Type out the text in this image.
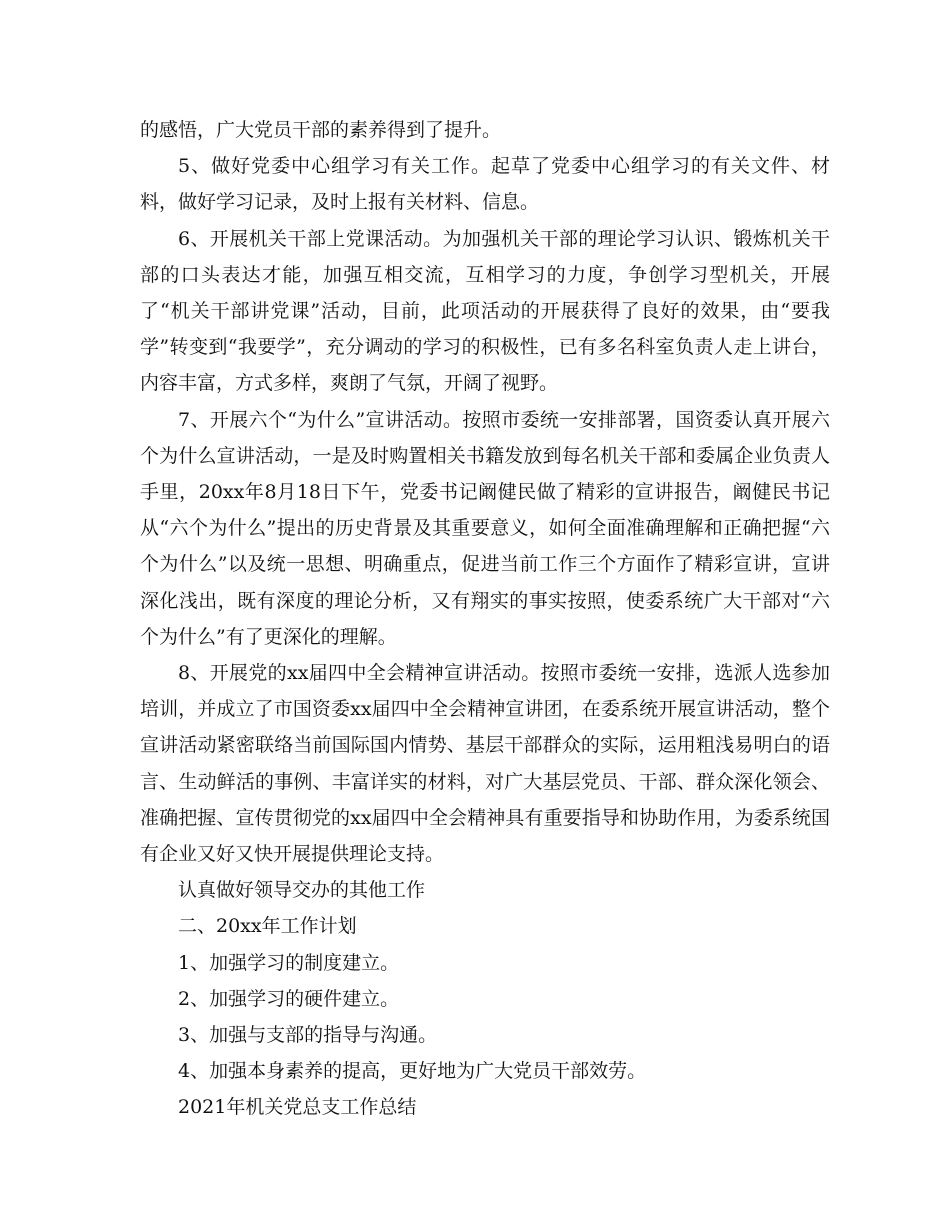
的感悟，广大党员干部的素养得到了提升。

5、做好党委中心组学习有关工作。起草了党委中心组学习的有关文件、材料，做好学习记录，及时上报有关材料、信息。

6、开展机关干部上党课活动。为加强机关干部的理论学习认识、锻炼机关干部的口头表达才能，加强互相交流，互相学习的力度，争创学习型机关，开展了“机关干部讲党课”活动，目前，此项活动的开展获得了良好的效果，由“要我学”转变到“我要学”，充分调动的学习的积极性，已有多名科室负责人走上讲台，内容丰富，方式多样，爽朗了气氛，开阔了视野。

7、开展六个“为什么”宣讲活动。按照市委统一安排部署，国资委认真开展六个为什么宣讲活动，一是及时购置相关书籍发放到每名机关干部和委属企业负责人手里，20xx年8月18日下午，党委书记阚健民做了精彩的宣讲报告，阚健民书记从“六个为什么”提出的历史背景及其重要意义，如何全面准确理解和正确把握“六个为什么”以及统一思想、明确重点，促进当前工作三个方面作了精彩宣讲，宣讲深化浅出，既有深度的理论分析，又有翔实的事实按照，使委系统广大干部对“六个为什么”有了更深化的理解。

8、开展党的xx届四中全会精神宣讲活动。按照市委统一安排，选派人选参加培训，并成立了市国资委xx届四中全会精神宣讲团，在委系统开展宣讲活动，整个宣讲活动紧密联络当前国际国内情势、基层干部群众的实际，运用粗浅易明白的语言、生动鲜活的事例、丰富详实的材料，对广大基层党员、干部、群众深化领会、准确把握、宣传贯彻党的xx届四中全会精神具有重要指导和协助作用，为委系统国有企业又好又快开展提供理论支持。

认真做好领导交办的其他工作

二、20xx年工作计划

1、加强学习的制度建立。

2、加强学习的硬件建立。

3、加强与支部的指导与沟通。

4、加强本身素养的提高，更好地为广大党员干部效劳。

2021年机关党总支工作总结
